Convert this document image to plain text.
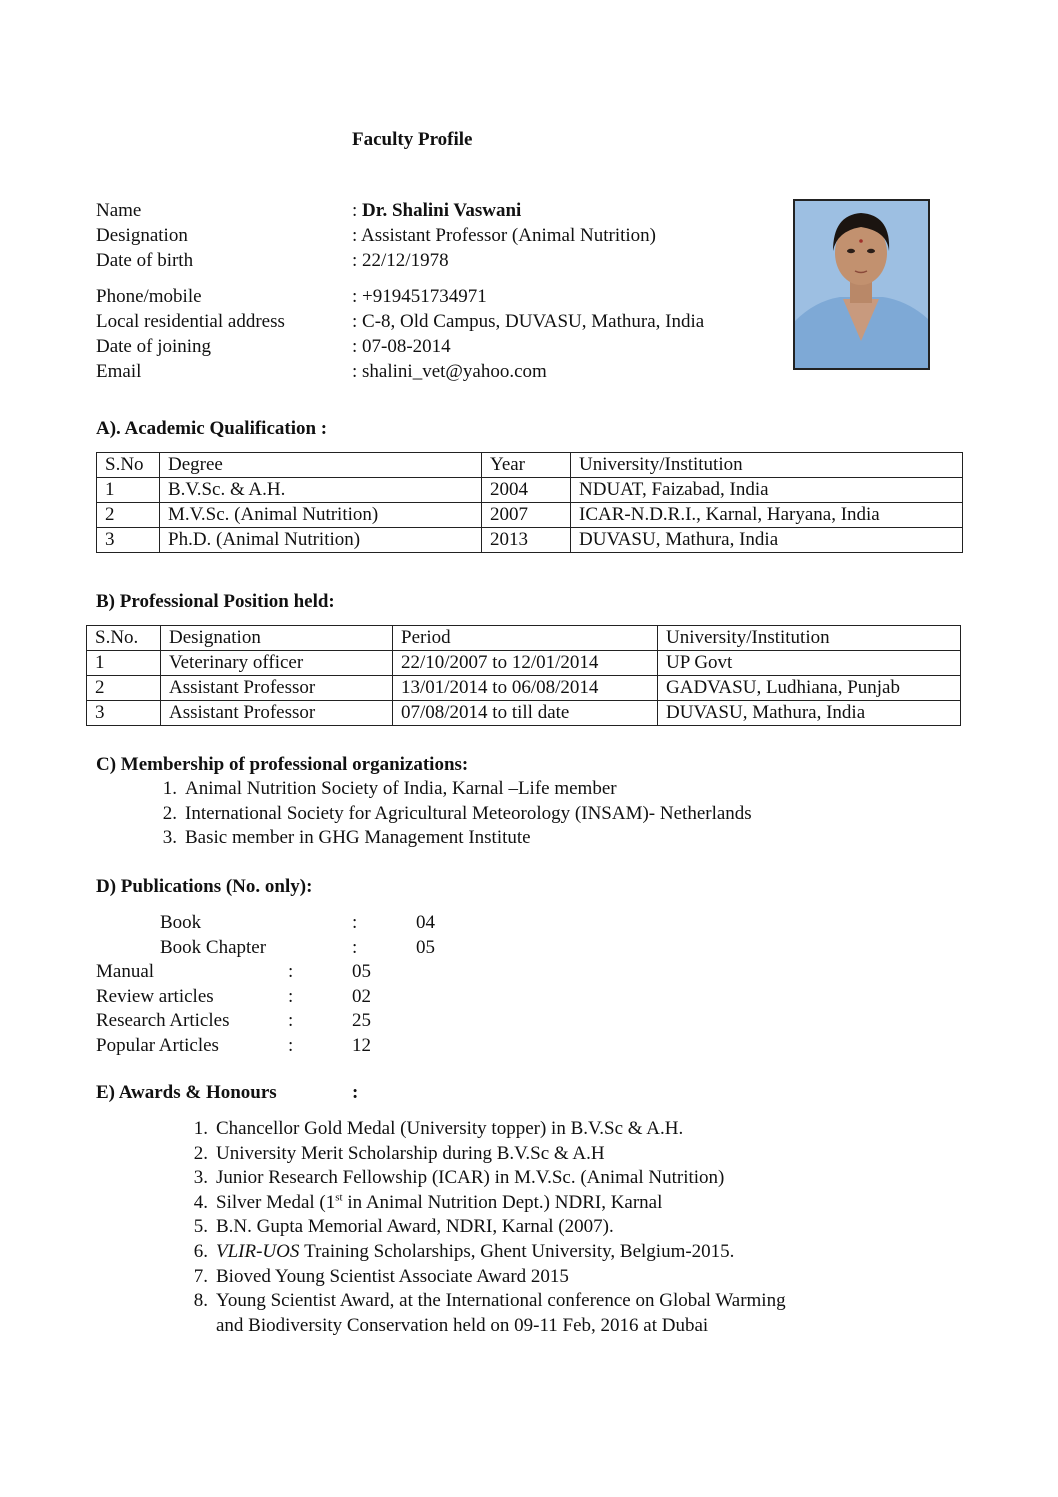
Faculty Profile
Name	: Dr. Shalini Vaswani
Designation	: Assistant Professor (Animal Nutrition)
Date of birth	: 22/12/1978
Phone/mobile	: +919451734971
Local residential address	: C-8, Old Campus, DUVASU, Mathura, India
Date of joining	: 07-08-2014
Email	: shalini_vet@yahoo.com
A). Academic Qualification :
S.No	Degree	Year	University/Institution
1	B.V.Sc. & A.H.	2004	NDUAT, Faizabad, India
2	M.V.Sc. (Animal Nutrition)	2007	ICAR-N.D.R.I., Karnal, Haryana, India
3	Ph.D. (Animal Nutrition)	2013	DUVASU, Mathura, India
B) Professional Position held:
S.No.	Designation	Period	University/Institution
1	Veterinary officer	22/10/2007 to 12/01/2014	UP Govt
2	Assistant Professor	13/01/2014 to 06/08/2014	GADVASU, Ludhiana, Punjab
3	Assistant Professor	07/08/2014 to till date	DUVASU, Mathura, India
C) Membership of professional organizations:
1. Animal Nutrition Society of India, Karnal –Life member
2. International Society for Agricultural Meteorology (INSAM)- Netherlands
3. Basic member in GHG Management Institute
D) Publications (No. only):
Book	:	04
Book Chapter	:	05
Manual	:	05
Review articles	:	02
Research Articles	:	25
Popular Articles	:	12
E) Awards & Honours	:
1. Chancellor Gold Medal (University topper) in B.V.Sc & A.H.
2. University Merit Scholarship during B.V.Sc & A.H
3. Junior Research Fellowship (ICAR) in M.V.Sc. (Animal Nutrition)
4. Silver Medal (1st in Animal Nutrition Dept.) NDRI, Karnal
5. B.N. Gupta Memorial Award, NDRI, Karnal (2007).
6. VLIR-UOS Training Scholarships, Ghent University, Belgium-2015.
7. Bioved Young Scientist Associate Award 2015
8. Young Scientist Award, at the International conference on Global Warming
and Biodiversity Conservation held on 09-11 Feb, 2016 at Dubai
